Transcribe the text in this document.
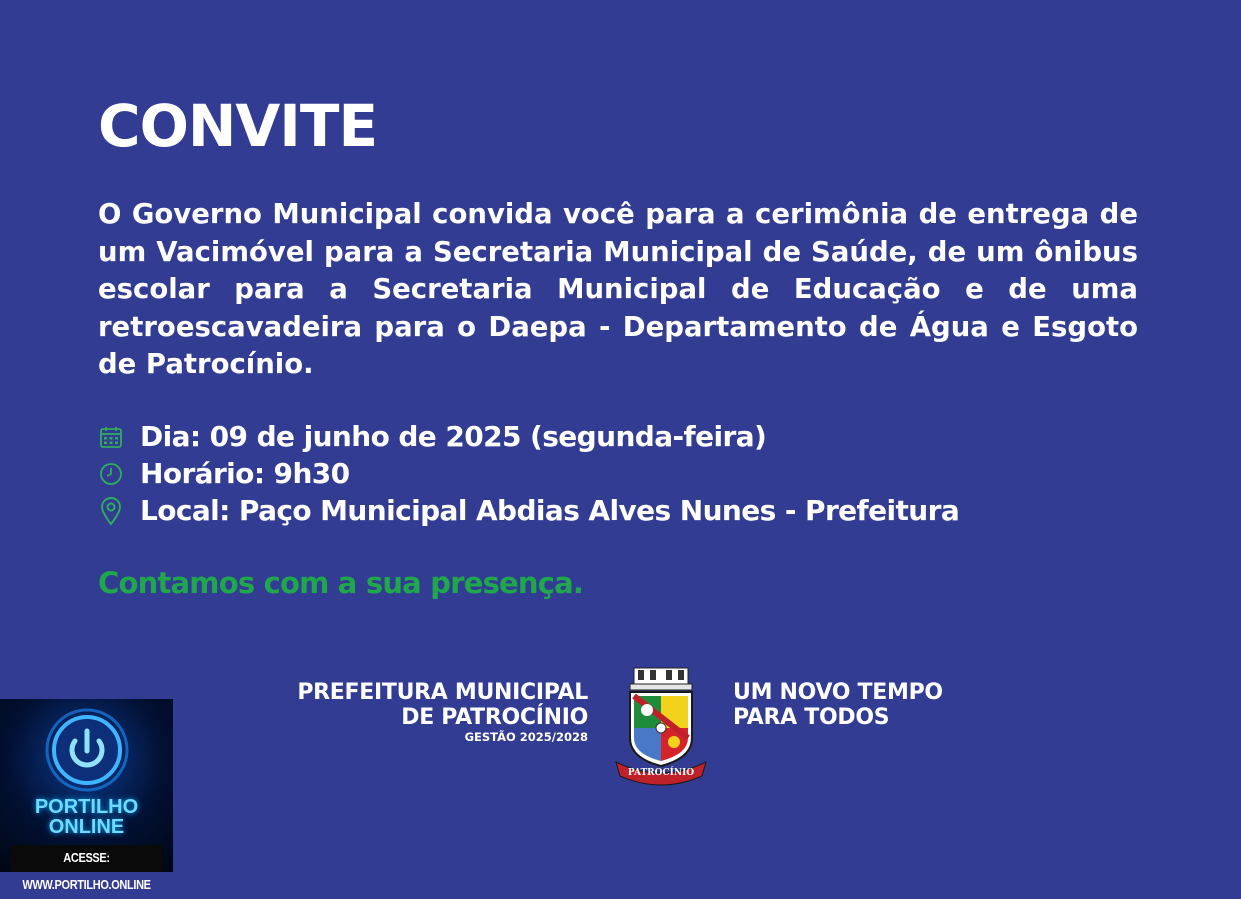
CONVITE

O Governo Municipal convida você para a cerimônia de entrega de um Vacimóvel para a Secretaria Municipal de Saúde, de um ônibus escolar para a Secretaria Municipal de Educação e de uma retroescavadeira para o Daepa - Departamento de Água e Esgoto de Patrocínio.

Dia: 09 de junho de 2025 (segunda-feira)
Horário: 9h30
Local: Paço Municipal Abdias Alves Nunes - Prefeitura
Contamos com a sua presença.
PREFEITURA MUNICIPAL
DE PATROCÍNIO
GESTÃO 2025/2028
PATROCÍNIO
UM NOVO TEMPO
PARA TODOS
PORTILHO
ONLINE
ACESSE: WWW.PORTILHO.ONLINE
